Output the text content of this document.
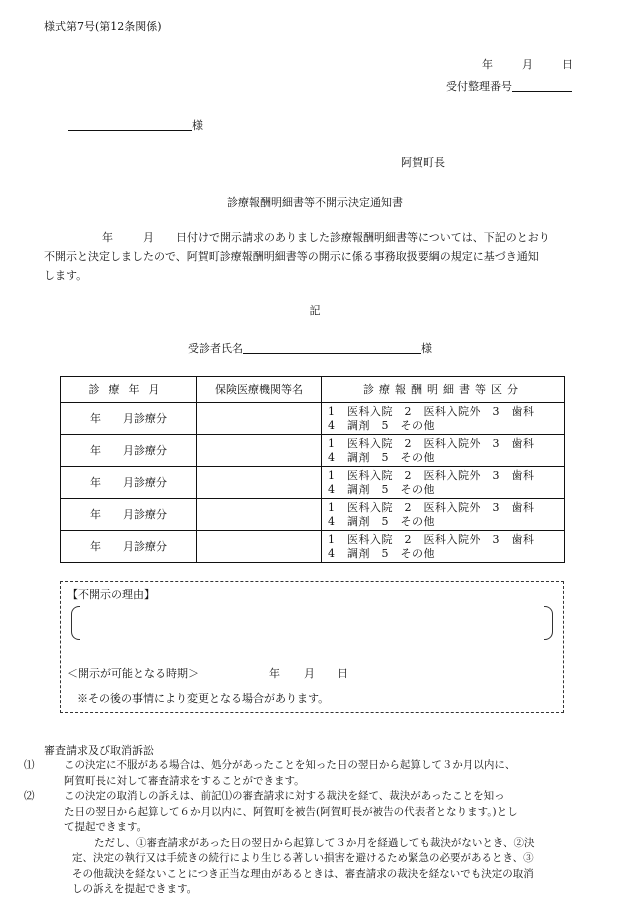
様式第7号(第12条関係)
年	月	日
受付整理番号
様
阿賀町長
診療報酬明細書等不開示決定通知書
年	月 日付けで開示請求のありました診療報酬明細書等については、下記のとおり
不開示と決定しましたので、阿賀町診療報酬明細書等の開示に係る事務取扱要綱の規定に基づき通知
します。
記
受診者氏名	様
診療年月	保険医療機関等名	診療報酬明細書等区分
年 月診療分		1　医科入院　2　医科入院外　3　歯科
4　調剤　5　その他

年 月診療分		1　医科入院　2　医科入院外　3　歯科
4　調剤　5　その他

年 月診療分		1　医科入院　2　医科入院外　3　歯科
4　調剤　5　その他

年 月診療分		1　医科入院　2　医科入院外　3　歯科
4　調剤　5　その他

年 月診療分		1　医科入院　2　医科入院外　3　歯科
4　調剤　5　その他
【不開示の理由】
＜開示が可能となる時期＞	年 月 日
※その後の事情により変更となる場合があります。
審査請求及び取消訴訟

⑴	この決定に不服がある場合は、処分があったことを知った日の翌日から起算して３か月以内に、
阿賀町長に対して審査請求をすることができます。

⑵	この決定の取消しの訴えは、前記⑴の審査請求に対する裁決を経て、裁決があったことを知っ
た日の翌日から起算して６か月以内に、阿賀町を被告(阿賀町長が被告の代表者となります。)とし
て提起できます。

ただし、①審査請求があった日の翌日から起算して３か月を経過しても裁決がないとき、②決
定、決定の執行又は手続きの続行により生じる著しい損害を避けるため緊急の必要があるとき、③
その他裁決を経ないことにつき正当な理由があるときは、審査請求の裁決を経ないでも決定の取消
しの訴えを提起できます。
